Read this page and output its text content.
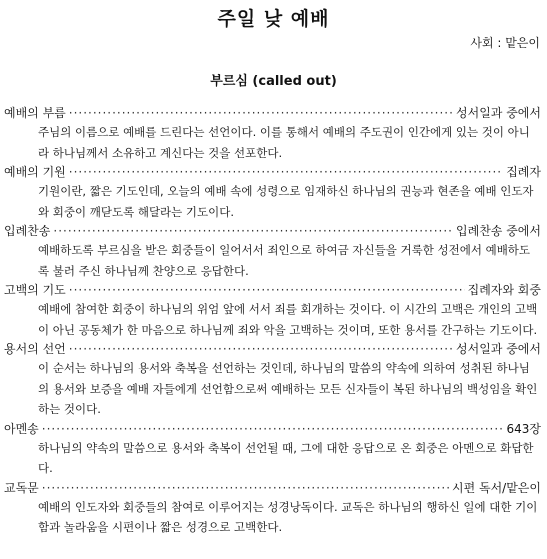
주일 낮 예배
사회 : 맡은이
부르심 (called out)
예배의 부름 ·····	성서일과 중에서
주님의 이름으로 예배를 드린다는 선언이다. 이를 통해서 예배의 주도권이 인간에게 있는 것이 아니라 하나님께서 소유하고 계신다는 것을 선포한다.
예배의 기원 ·····	집례자
기원이란, 짧은 기도인데, 오늘의 예배 속에 성령으로 임재하신 하나님의 권능과 현존을 예배 인도자와 회중이 깨닫도록 해달라는 기도이다.
입례찬송 ·····	입례찬송 중에서
예배하도록 부르심을 받은 회중들이 일어서서 죄인으로 하여금 자신들을 거룩한 성전에서 예배하도록 불러 주신 하나님께 찬양으로 응답한다.
고백의 기도 ·····	집례자와 회중
예배에 참여한 회중이 하나님의 위엄 앞에 서서 죄를 회개하는 것이다. 이 시간의 고백은 개인의 고백이 아닌 공동체가 한 마음으로 하나님께 죄와 악을 고백하는 것이며, 또한 용서를 간구하는 기도이다.
용서의 선언 ·····	성서일과 중에서
이 순서는 하나님의 용서와 축복을 선언하는 것인데, 하나님의 말씀의 약속에 의하여 성취된 하나님의 용서와 보증을 예배 자들에게 선언함으로써 예배하는 모든 신자들이 복된 하나님의 백성임을 확인하는 것이다.
아멘송 ·····	643장
하나님의 약속의 말씀으로 용서와 축복이 선언될 때, 그에 대한 응답으로 온 회중은 아멘으로 화답한다.
교독문 ·····	시편 독서/맡은이
예배의 인도자와 회중들의 참여로 이루어지는 성경낭독이다. 교독은 하나님의 행하신 일에 대한 기이함과 놀라움을 시편이나 짧은 성경으로 고백한다.
